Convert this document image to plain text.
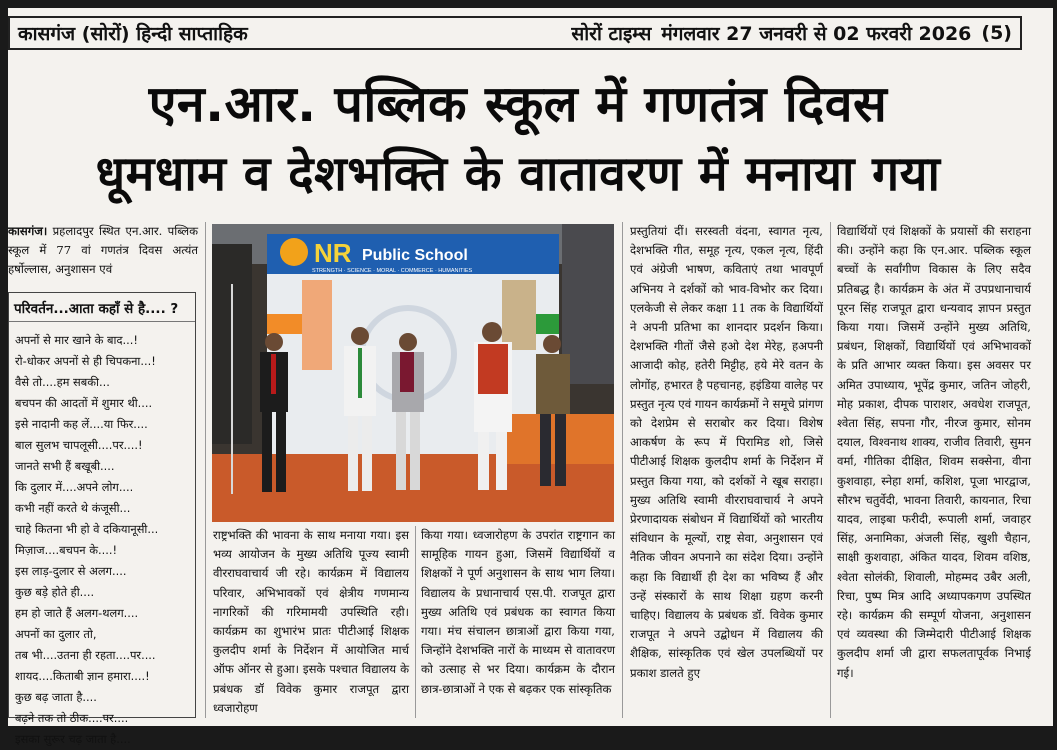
कासगंज (सोरों) हिन्दी साप्ताहिक	सोरों टाइम्स मंगलवार 27 जनवरी से 02 फरवरी 2026 (5)
एन.आर. पब्लिक स्कूल में गणतंत्र दिवस
धूमधाम व देशभक्ति के वातावरण में मनाया गया

कासगंज। प्रहलादपुर स्थित एन.आर. पब्लिक स्कूल में 77 वां गणतंत्र दिवस अत्यंत हर्षोल्लास, अनुशासन एवं

परिवर्तन...आता कहाँ से है.... ?
अपनों से मार खाने के बाद...!
रो-धोकर अपनों से ही चिपकना...!
वैसे तो....हम सबकी...
बचपन की आदतों में शुमार थी....
इसे नादानी कह लें....या फिर....
बाल सुलभ चापलूसी....पर....!
जानते सभी हैं बखूबी....
कि दुलार में....अपने लोग....
कभी नहीं करते थे कंजूसी...
चाहे कितना भी हो वे दकियानूसी...
मिज़ाज....बचपन के....!
इस लाड़-दुलार से अलग....
कुछ बड़े होते ही....
हम हो जाते हैं अलग-थलग....
अपनों का दुलार तो,
तब भी....उतना ही रहता....पर....
शायद....किताबी ज्ञान हमारा....!
कुछ बढ़ जाता है....
बढ़ने तक तो ठीक....पर....
इसका सुरूर चढ़ जाता है....
NR Public School
STRENGTH · SCIENCE · MORAL · COMMERCE · HUMANITIES

राष्ट्रभक्ति की भावना के साथ मनाया गया। इस भव्य आयोजन के मुख्य अतिथि पूज्य स्वामी वीरराघवाचार्य जी रहे। कार्यक्रम में विद्यालय परिवार, अभिभावकों एवं क्षेत्रीय गणमान्य नागरिकों की गरिमामयी उपस्थिति रही। कार्यक्रम का शुभारंभ प्रातः पीटीआई शिक्षक कुलदीप शर्मा के निर्देशन में आयोजित मार्च ऑफ ऑनर से हुआ। इसके पश्चात विद्यालय के प्रबंधक डॉ विवेक कुमार राजपूत द्वारा ध्वजारोहण

किया गया। ध्वजारोहण के उपरांत राष्ट्रगान का सामूहिक गायन हुआ, जिसमें विद्यार्थियों व शिक्षकों ने पूर्ण अनुशासन के साथ भाग लिया। विद्यालय के प्रधानाचार्य एस.पी. राजपूत द्वारा मुख्य अतिथि एवं प्रबंधक का स्वागत किया गया। मंच संचालन छात्राओं द्वारा किया गया, जिन्होंने देशभक्ति नारों के माध्यम से वातावरण को उत्साह से भर दिया। कार्यक्रम के दौरान छात्र-छात्राओं ने एक से बढ़कर एक सांस्कृतिक

प्रस्तुतियां दीं। सरस्वती वंदना, स्वागत नृत्य, देशभक्ति गीत, समूह नृत्य, एकल नृत्य, हिंदी एवं अंग्रेजी भाषण, कविताएं तथा भावपूर्ण अभिनय ने दर्शकों को भाव-विभोर कर दिया। एलकेजी से लेकर कक्षा 11 तक के विद्यार्थियों ने अपनी प्रतिभा का शानदार प्रदर्शन किया। देशभक्ति गीतों जैसे हओ देश मेरेह, हअपनी आजादी कोह, हतेरी मिट्टीह, हये मेरे वतन के लोगोंह, हभारत है पहचानह, हइंडिया वालेह पर प्रस्तुत नृत्य एवं गायन कार्यक्रमों ने समूचे प्रांगण को देशप्रेम से सराबोर कर दिया। विशेष आकर्षण के रूप में पिरामिड शो, जिसे पीटीआई शिक्षक कुलदीप शर्मा के निर्देशन में प्रस्तुत किया गया, को दर्शकों ने खूब सराहा। मुख्य अतिथि स्वामी वीरराघवाचार्य ने अपने प्रेरणादायक संबोधन में विद्यार्थियों को भारतीय संविधान के मूल्यों, राष्ट्र सेवा, अनुशासन एवं नैतिक जीवन अपनाने का संदेश दिया। उन्होंने कहा कि विद्यार्थी ही देश का भविष्य हैं और उन्हें संस्कारों के साथ शिक्षा ग्रहण करनी चाहिए। विद्यालय के प्रबंधक डॉ. विवेक कुमार राजपूत ने अपने उद्बोधन में विद्यालय की शैक्षिक, सांस्कृतिक एवं खेल उपलब्धियों पर प्रकाश डालते हुए

विद्यार्थियों एवं शिक्षकों के प्रयासों की सराहना की। उन्होंने कहा कि एन.आर. पब्लिक स्कूल बच्चों के सर्वांगीण विकास के लिए सदैव प्रतिबद्ध है। कार्यक्रम के अंत में उपप्रधानाचार्य पूरन सिंह राजपूत द्वारा धन्यवाद ज्ञापन प्रस्तुत किया गया। जिसमें उन्होंने मुख्य अतिथि, प्रबंधन, शिक्षकों, विद्यार्थियों एवं अभिभावकों के प्रति आभार व्यक्त किया। इस अवसर पर अमित उपाध्याय, भूपेंद्र कुमार, जतिन जोहरी, मोह प्रकाश, दीपक पाराशर, अवधेश राजपूत, श्वेता सिंह, सपना गौर, नीरज कुमार, सोनम दयाल, विश्वनाथ शाक्य, राजीव तिवारी, सुमन वर्मा, गीतिका दीक्षित, शिवम सक्सेना, वीना कुशवाहा, स्नेहा शर्मा, कशिश, पूजा भारद्वाज, सौरभ चतुर्वेदी, भावना तिवारी, कायनात, रिचा यादव, लाइबा फरीदी, रूपाली शर्मा, जवाहर सिंह, अनामिका, अंजली सिंह, खुशी चैहान, साक्षी कुशवाहा, अंकित यादव, शिवम वशिष्ठ, श्वेता सोलंकी, शिवाली, मोहम्मद उबैर अली, रिचा, पुष्प मित्र आदि अध्यापकगण उपस्थित रहे। कार्यक्रम की सम्पूर्ण योजना, अनुशासन एवं व्यवस्था की जिम्मेदारी पीटीआई शिक्षक कुलदीप शर्मा जी द्वारा सफलतापूर्वक निभाई गई।
